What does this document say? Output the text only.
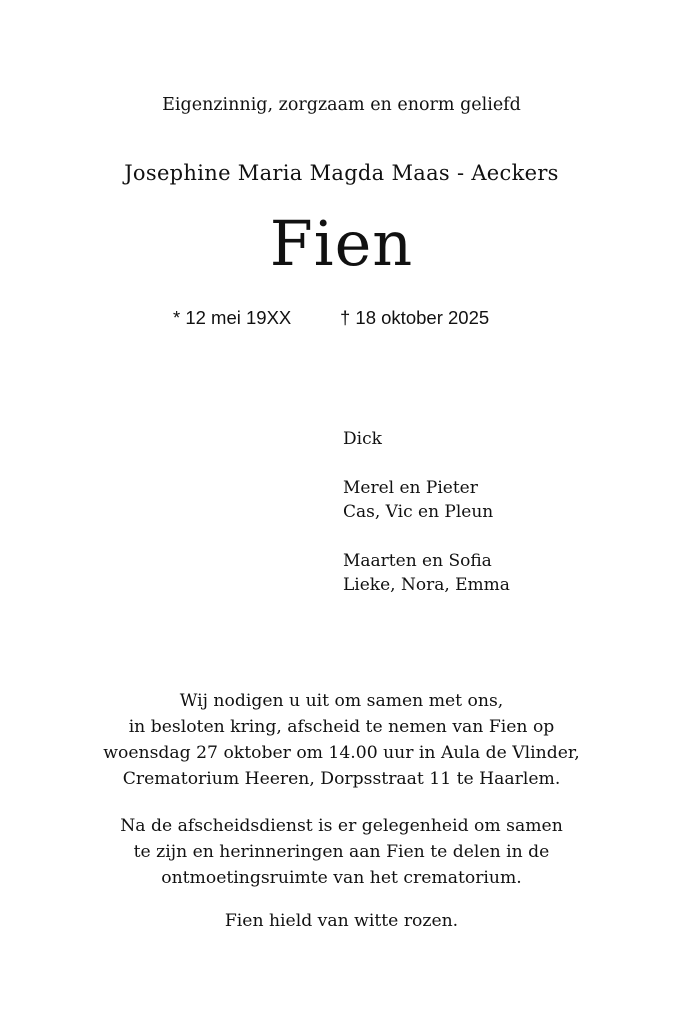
Eigenzinnig, zorgzaam en enorm geliefd
Josephine Maria Magda Maas - Aeckers
Fien
* 12 mei 19XX	† 18 oktober 2025
Dick
Merel en Pieter
Cas, Vic en Pleun
Maarten en Sofia
Lieke, Nora, Emma
Wij nodigen u uit om samen met ons,
in besloten kring, afscheid te nemen van Fien op
woensdag 27 oktober om 14.00 uur in Aula de Vlinder,
Crematorium Heeren, Dorpsstraat 11 te Haarlem.
Na de afscheidsdienst is er gelegenheid om samen
te zijn en herinneringen aan Fien te delen in de
ontmoetingsruimte van het crematorium.
Fien hield van witte rozen.
